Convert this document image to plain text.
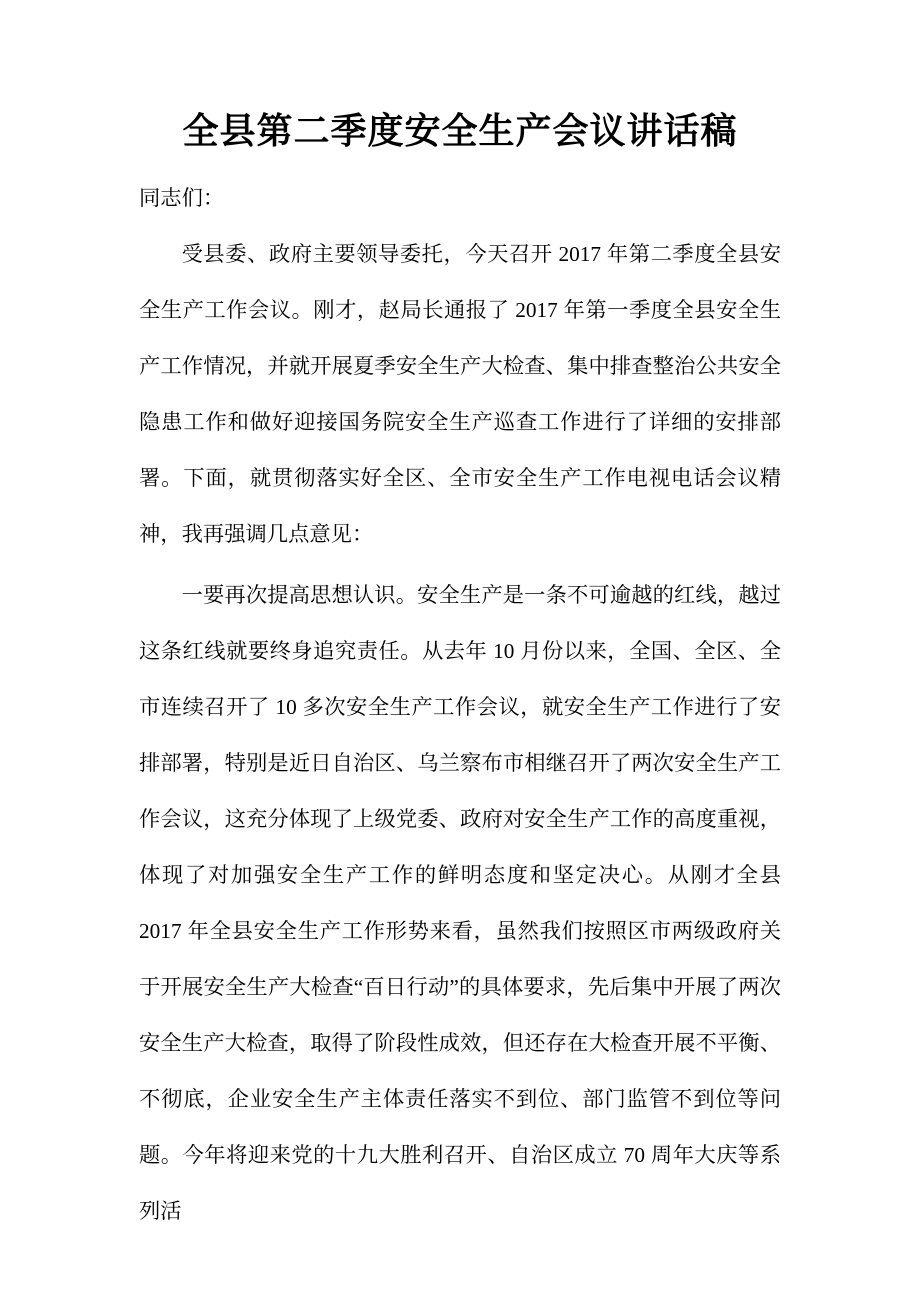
全县第二季度安全生产会议讲话稿

同志们：

受县委、政府主要领导委托，今天召开 2017 年第二季度全县安全生产工作会议。刚才，赵局长通报了 2017 年第一季度全县安全生产工作情况，并就开展夏季安全生产大检查、集中排查整治公共安全隐患工作和做好迎接国务院安全生产巡查工作进行了详细的安排部署。下面，就贯彻落实好全区、全市安全生产工作电视电话会议精神，我再强调几点意见：

一要再次提高思想认识。安全生产是一条不可逾越的红线，越过这条红线就要终身追究责任。从去年 10 月份以来，全国、全区、全市连续召开了 10 多次安全生产工作会议，就安全生产工作进行了安排部署，特别是近日自治区、乌兰察布市相继召开了两次安全生产工作会议，这充分体现了上级党委、政府对安全生产工作的高度重视，体现了对加强安全生产工作的鲜明态度和坚定决心。从刚才全县 2017 年全县安全生产工作形势来看，虽然我们按照区市两级政府关于开展安全生产大检查“百日行动”的具体要求，先后集中开展了两次安全生产大检查，取得了阶段性成效，但还存在大检查开展不平衡、不彻底，企业安全生产主体责任落实不到位、部门监管不到位等问题。今年将迎来党的十九大胜利召开、自治区成立 70 周年大庆等系列活
